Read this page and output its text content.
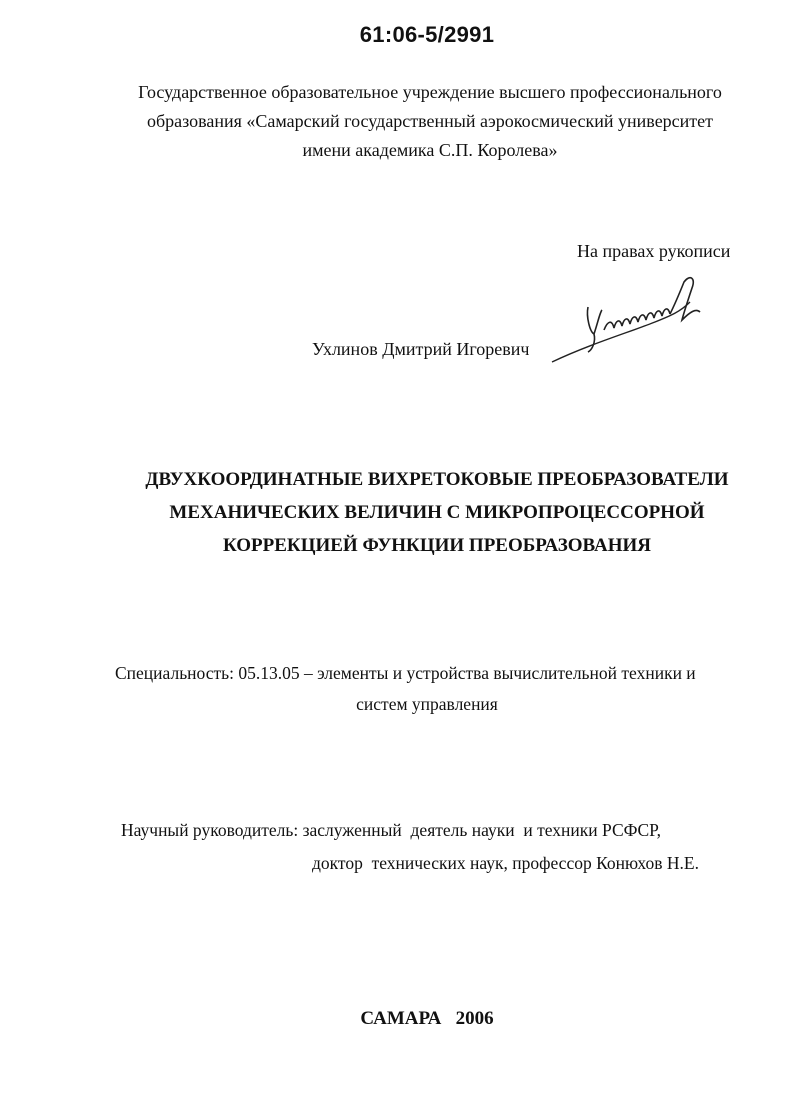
61:06-5/2991
Государственное образовательное учреждение высшего профессионального
образования «Самарский государственный аэрокосмический университет
имени академика С.П. Королева»
На правах рукописи
Ухлинов Дмитрий Игоревич
ДВУХКООРДИНАТНЫЕ ВИХРЕТОКОВЫЕ ПРЕОБРАЗОВАТЕЛИ
МЕХАНИЧЕСКИХ ВЕЛИЧИН С МИКРОПРОЦЕССОРНОЙ
КОРРЕКЦИЕЙ ФУНКЦИИ ПРЕОБРАЗОВАНИЯ
Специальность: 05.13.05 – элементы и устройства вычислительной техники и
систем управления
Научный руководитель: заслуженный  деятель науки  и техники РСФСР,
доктор  технических наук, профессор Конюхов Н.Е.
САМАРА   2006
